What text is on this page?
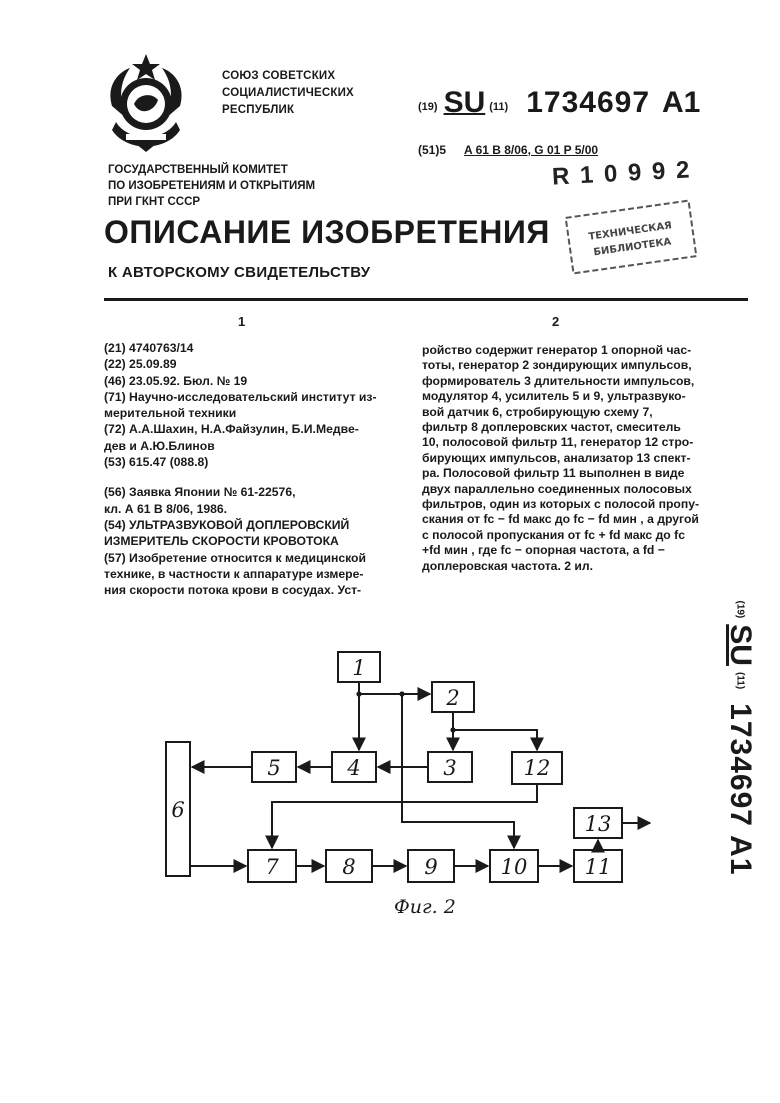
СОЮЗ СОВЕТСКИХ
СОЦИАЛИСТИЧЕСКИХ
РЕСПУБЛИК
ГОСУДАРСТВЕННЫЙ КОМИТЕТ
ПО ИЗОБРЕТЕНИЯМ И ОТКРЫТИЯМ
ПРИ ГКНТ СССР
(19) SU (11) 1734697 A1
(51)5 A 61 B 8/06, G 01 P 5/00
R 1 0 9 9 2
ТЕХНИЧЕСКАЯ
БИБЛИОТЕКА
ОПИСАНИЕ ИЗОБРЕТЕНИЯ
К АВТОРСКОМУ СВИДЕТЕЛЬСТВУ
1	2
(21) 4740763/14
(22) 25.09.89
(46) 23.05.92. Бюл. № 19
(71) Научно-исследовательский институт из-
мерительной техники
(72) А.А.Шахин, Н.А.Файзулин, Б.И.Медве-
дев и А.Ю.Блинов
(53) 615.47 (088.8)
(56) Заявка Японии № 61-22576,
кл. А 61 В 8/06, 1986.
(54) УЛЬТРАЗВУКОВОЙ ДОПЛЕРОВСКИЙ
ИЗМЕРИТЕЛЬ СКОРОСТИ КРОВОТОКА
(57) Изобретение относится к медицинской
технике, в частности к аппаратуре измере-
ния скорости потока крови в сосудах. Уст-
ройство содержит генератор 1 опорной час-
тоты, генератор 2 зондирующих импульсов,
формирователь 3 длительности импульсов,
модулятор 4, усилитель 5 и 9, ультразвуко-
вой датчик 6, стробирующую схему 7,
фильтр 8 доплеровских частот, смеситель
10, полосовой фильтр 11, генератор 12 стро-
бирующих импульсов, анализатор 13 спект-
ра. Полосовой фильтр 11 выполнен в виде
двух параллельно соединенных полосовых
фильтров, один из которых с полосой пропу-
скания от fc − fd макс до fc − fd мин , а другой
с полосой пропускания от fc + fd макс до fc
+fd мин , где fc − опорная частота, а fd −
доплеровская частота. 2 ил.
(19)SU(11)1734697 A1
1
2
3
4
5
6
7	8	9	10	11
12
13
Фиг. 2
